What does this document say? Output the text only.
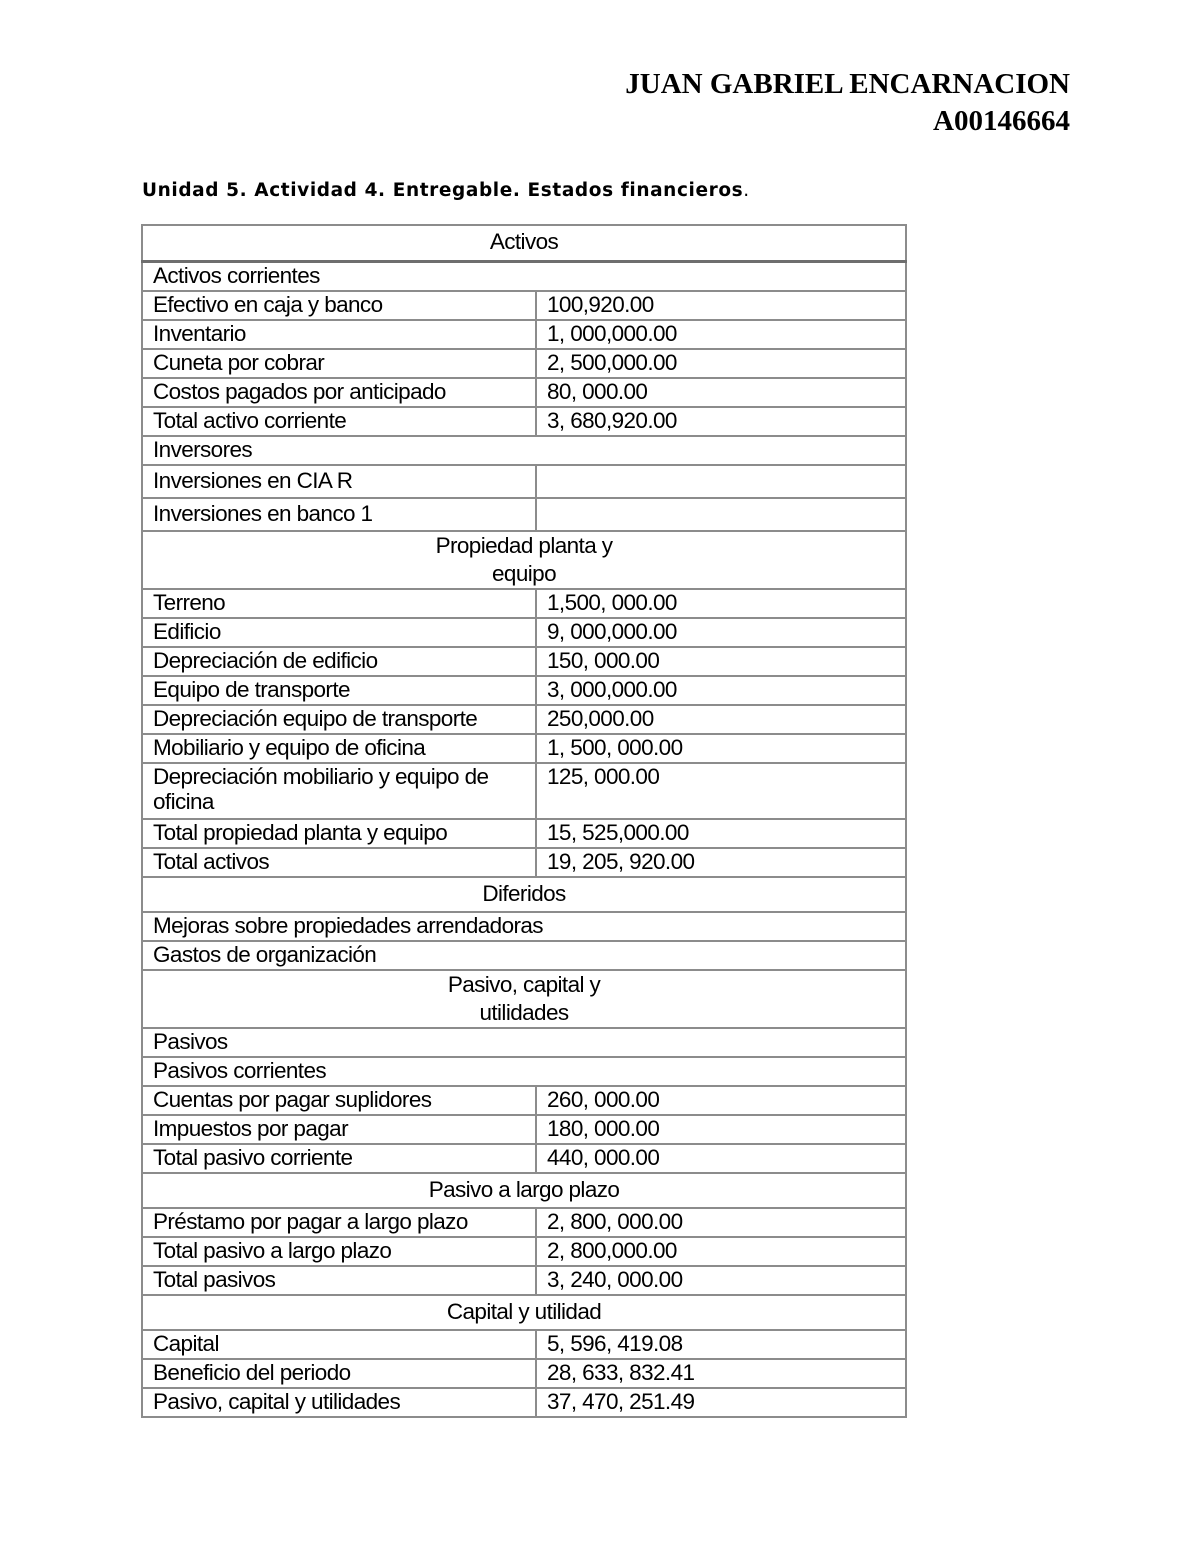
JUAN GABRIEL ENCARNACION
A00146664
Unidad 5. Actividad 4. Entregable. Estados financieros.
Activos	
Activos corrientes	
Efectivo en caja y banco	100,920.00
Inventario	1, 000,000.00
Cuneta por cobrar	2, 500,000.00
Costos pagados por anticipado	80, 000.00
Total activo corriente	3, 680,920.00
Inversores	
Inversiones en CIA R	
Inversiones en banco 1	

Propiedad planta y
equipo	

Terreno	1,500, 000.00
Edificio	9, 000,000.00
Depreciación de edificio	150, 000.00
Equipo de transporte	3, 000,000.00
Depreciación equipo de transporte	250,000.00
Mobiliario y equipo de oficina	1, 500, 000.00
Depreciación mobiliario y equipo de oficina	125, 000.00
Total propiedad planta y equipo	15, 525,000.00
Total activos	19, 205, 920.00
Diferidos	
Mejoras sobre propiedades arrendadoras	
Gastos de organización	

Pasivo, capital y
utilidades	

Pasivos	
Pasivos corrientes	
Cuentas por pagar suplidores	260, 000.00
Impuestos por pagar	180, 000.00
Total pasivo corriente	440, 000.00
Pasivo a largo plazo	
Préstamo por pagar a largo plazo	2, 800, 000.00
Total pasivo a largo plazo	2, 800,000.00
Total pasivos	3, 240, 000.00
Capital y utilidad	
Capital	5, 596, 419.08
Beneficio del periodo	28, 633, 832.41
Pasivo, capital y utilidades	37, 470, 251.49
